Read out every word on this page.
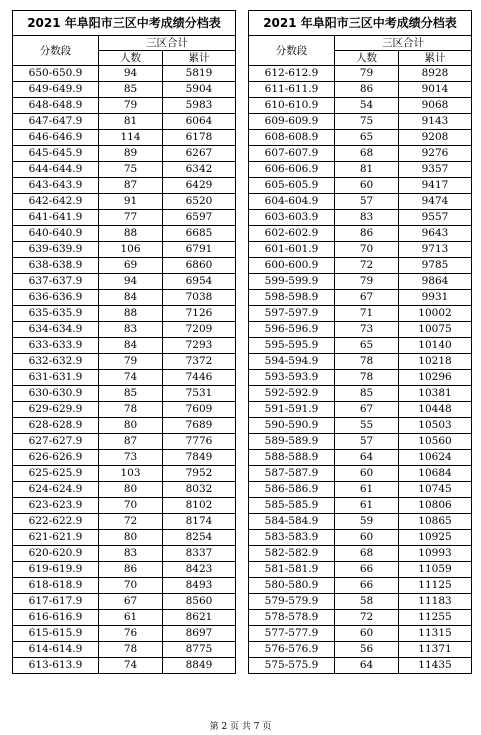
2021 年阜阳市三区中考成绩分档表		
分数段	三区合计	
	人数	累计
650-650.9	94	5819
649-649.9	85	5904
648-648.9	79	5983
647-647.9	81	6064
646-646.9	114	6178
645-645.9	89	6267
644-644.9	75	6342
643-643.9	87	6429
642-642.9	91	6520
641-641.9	77	6597
640-640.9	88	6685
639-639.9	106	6791
638-638.9	69	6860
637-637.9	94	6954
636-636.9	84	7038
635-635.9	88	7126
634-634.9	83	7209
633-633.9	84	7293
632-632.9	79	7372
631-631.9	74	7446
630-630.9	85	7531
629-629.9	78	7609
628-628.9	80	7689
627-627.9	87	7776
626-626.9	73	7849
625-625.9	103	7952
624-624.9	80	8032
623-623.9	70	8102
622-622.9	72	8174
621-621.9	80	8254
620-620.9	83	8337
619-619.9	86	8423
618-618.9	70	8493
617-617.9	67	8560
616-616.9	61	8621
615-615.9	76	8697
614-614.9	78	8775
613-613.9	74	8849
2021 年阜阳市三区中考成绩分档表		
分数段	三区合计	
	人数	累计
612-612.9	79	8928
611-611.9	86	9014
610-610.9	54	9068
609-609.9	75	9143
608-608.9	65	9208
607-607.9	68	9276
606-606.9	81	9357
605-605.9	60	9417
604-604.9	57	9474
603-603.9	83	9557
602-602.9	86	9643
601-601.9	70	9713
600-600.9	72	9785
599-599.9	79	9864
598-598.9	67	9931
597-597.9	71	10002
596-596.9	73	10075
595-595.9	65	10140
594-594.9	78	10218
593-593.9	78	10296
592-592.9	85	10381
591-591.9	67	10448
590-590.9	55	10503
589-589.9	57	10560
588-588.9	64	10624
587-587.9	60	10684
586-586.9	61	10745
585-585.9	61	10806
584-584.9	59	10865
583-583.9	60	10925
582-582.9	68	10993
581-581.9	66	11059
580-580.9	66	11125
579-579.9	58	11183
578-578.9	72	11255
577-577.9	60	11315
576-576.9	56	11371
575-575.9	64	11435
第 2 页 共 7 页
